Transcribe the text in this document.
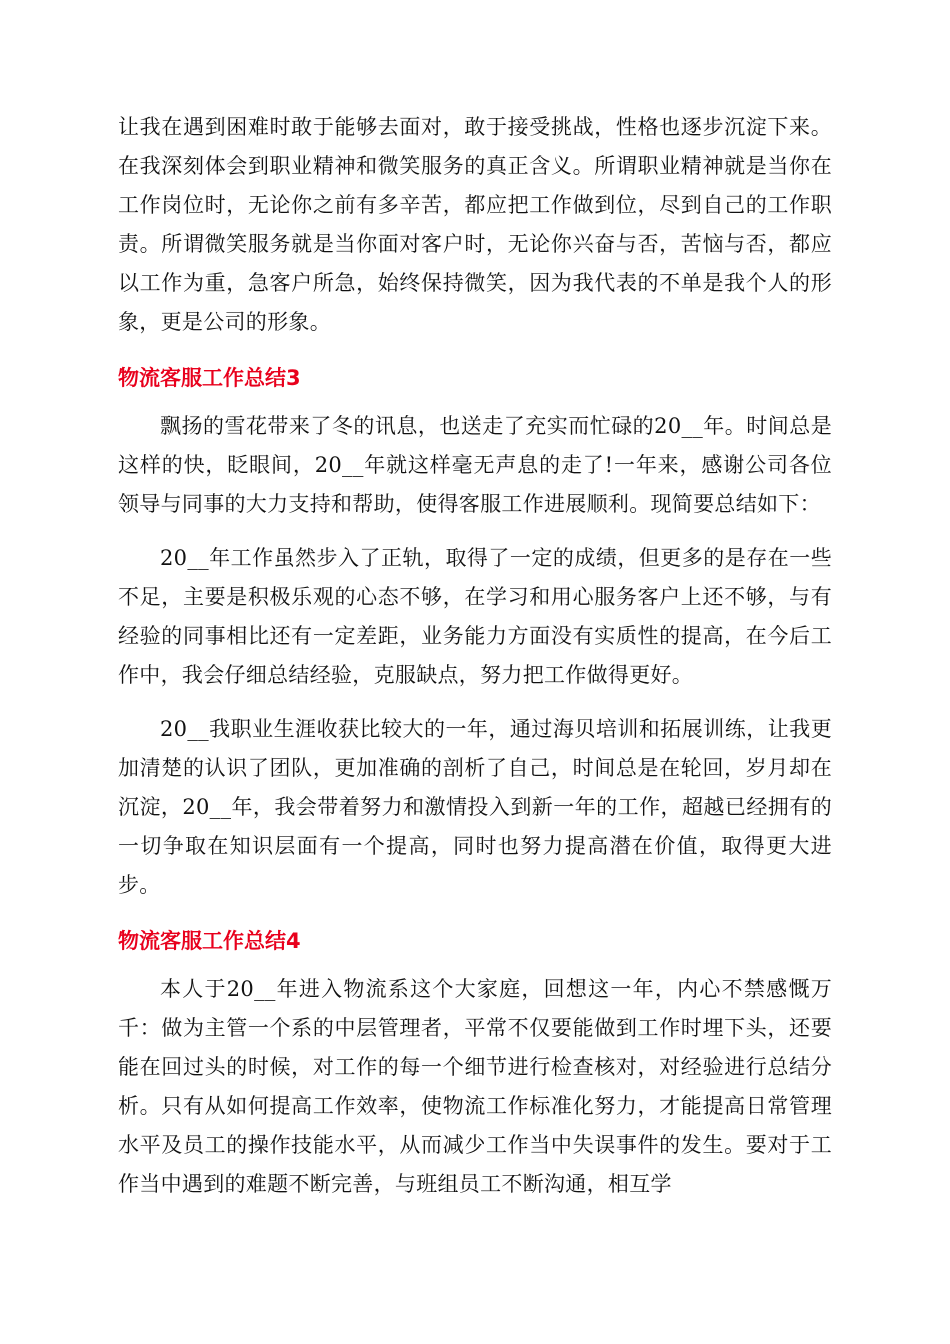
让我在遇到困难时敢于能够去面对，敢于接受挑战，性格也逐步沉淀下来。在我深刻体会到职业精神和微笑服务的真正含义。所谓职业精神就是当你在工作岗位时，无论你之前有多辛苦，都应把工作做到位，尽到自己的工作职责。所谓微笑服务就是当你面对客户时，无论你兴奋与否，苦恼与否，都应以工作为重，急客户所急，始终保持微笑，因为我代表的不单是我个人的形象，更是公司的形象。

物流客服工作总结3

飘扬的雪花带来了冬的讯息，也送走了充实而忙碌的20__年。时间总是这样的快，眨眼间，20__年就这样毫无声息的走了!一年来，感谢公司各位领导与同事的大力支持和帮助，使得客服工作进展顺利。现简要总结如下：

20__年工作虽然步入了正轨，取得了一定的成绩，但更多的是存在一些不足，主要是积极乐观的心态不够，在学习和用心服务客户上还不够，与有经验的同事相比还有一定差距，业务能力方面没有实质性的提高，在今后工作中，我会仔细总结经验，克服缺点，努力把工作做得更好。

20__我职业生涯收获比较大的一年，通过海贝培训和拓展训练，让我更加清楚的认识了团队，更加准确的剖析了自己，时间总是在轮回，岁月却在沉淀，20__年，我会带着努力和激情投入到新一年的工作，超越已经拥有的一切争取在知识层面有一个提高，同时也努力提高潜在价值，取得更大进步。

物流客服工作总结4

本人于20__年进入物流系这个大家庭，回想这一年，内心不禁感慨万千：做为主管一个系的中层管理者，平常不仅要能做到工作时埋下头，还要能在回过头的时候，对工作的每一个细节进行检查核对，对经验进行总结分析。只有从如何提高工作效率，使物流工作标准化努力，才能提高日常管理水平及员工的操作技能水平，从而减少工作当中失误事件的发生。要对于工作当中遇到的难题不断完善，与班组员工不断沟通，相互学
